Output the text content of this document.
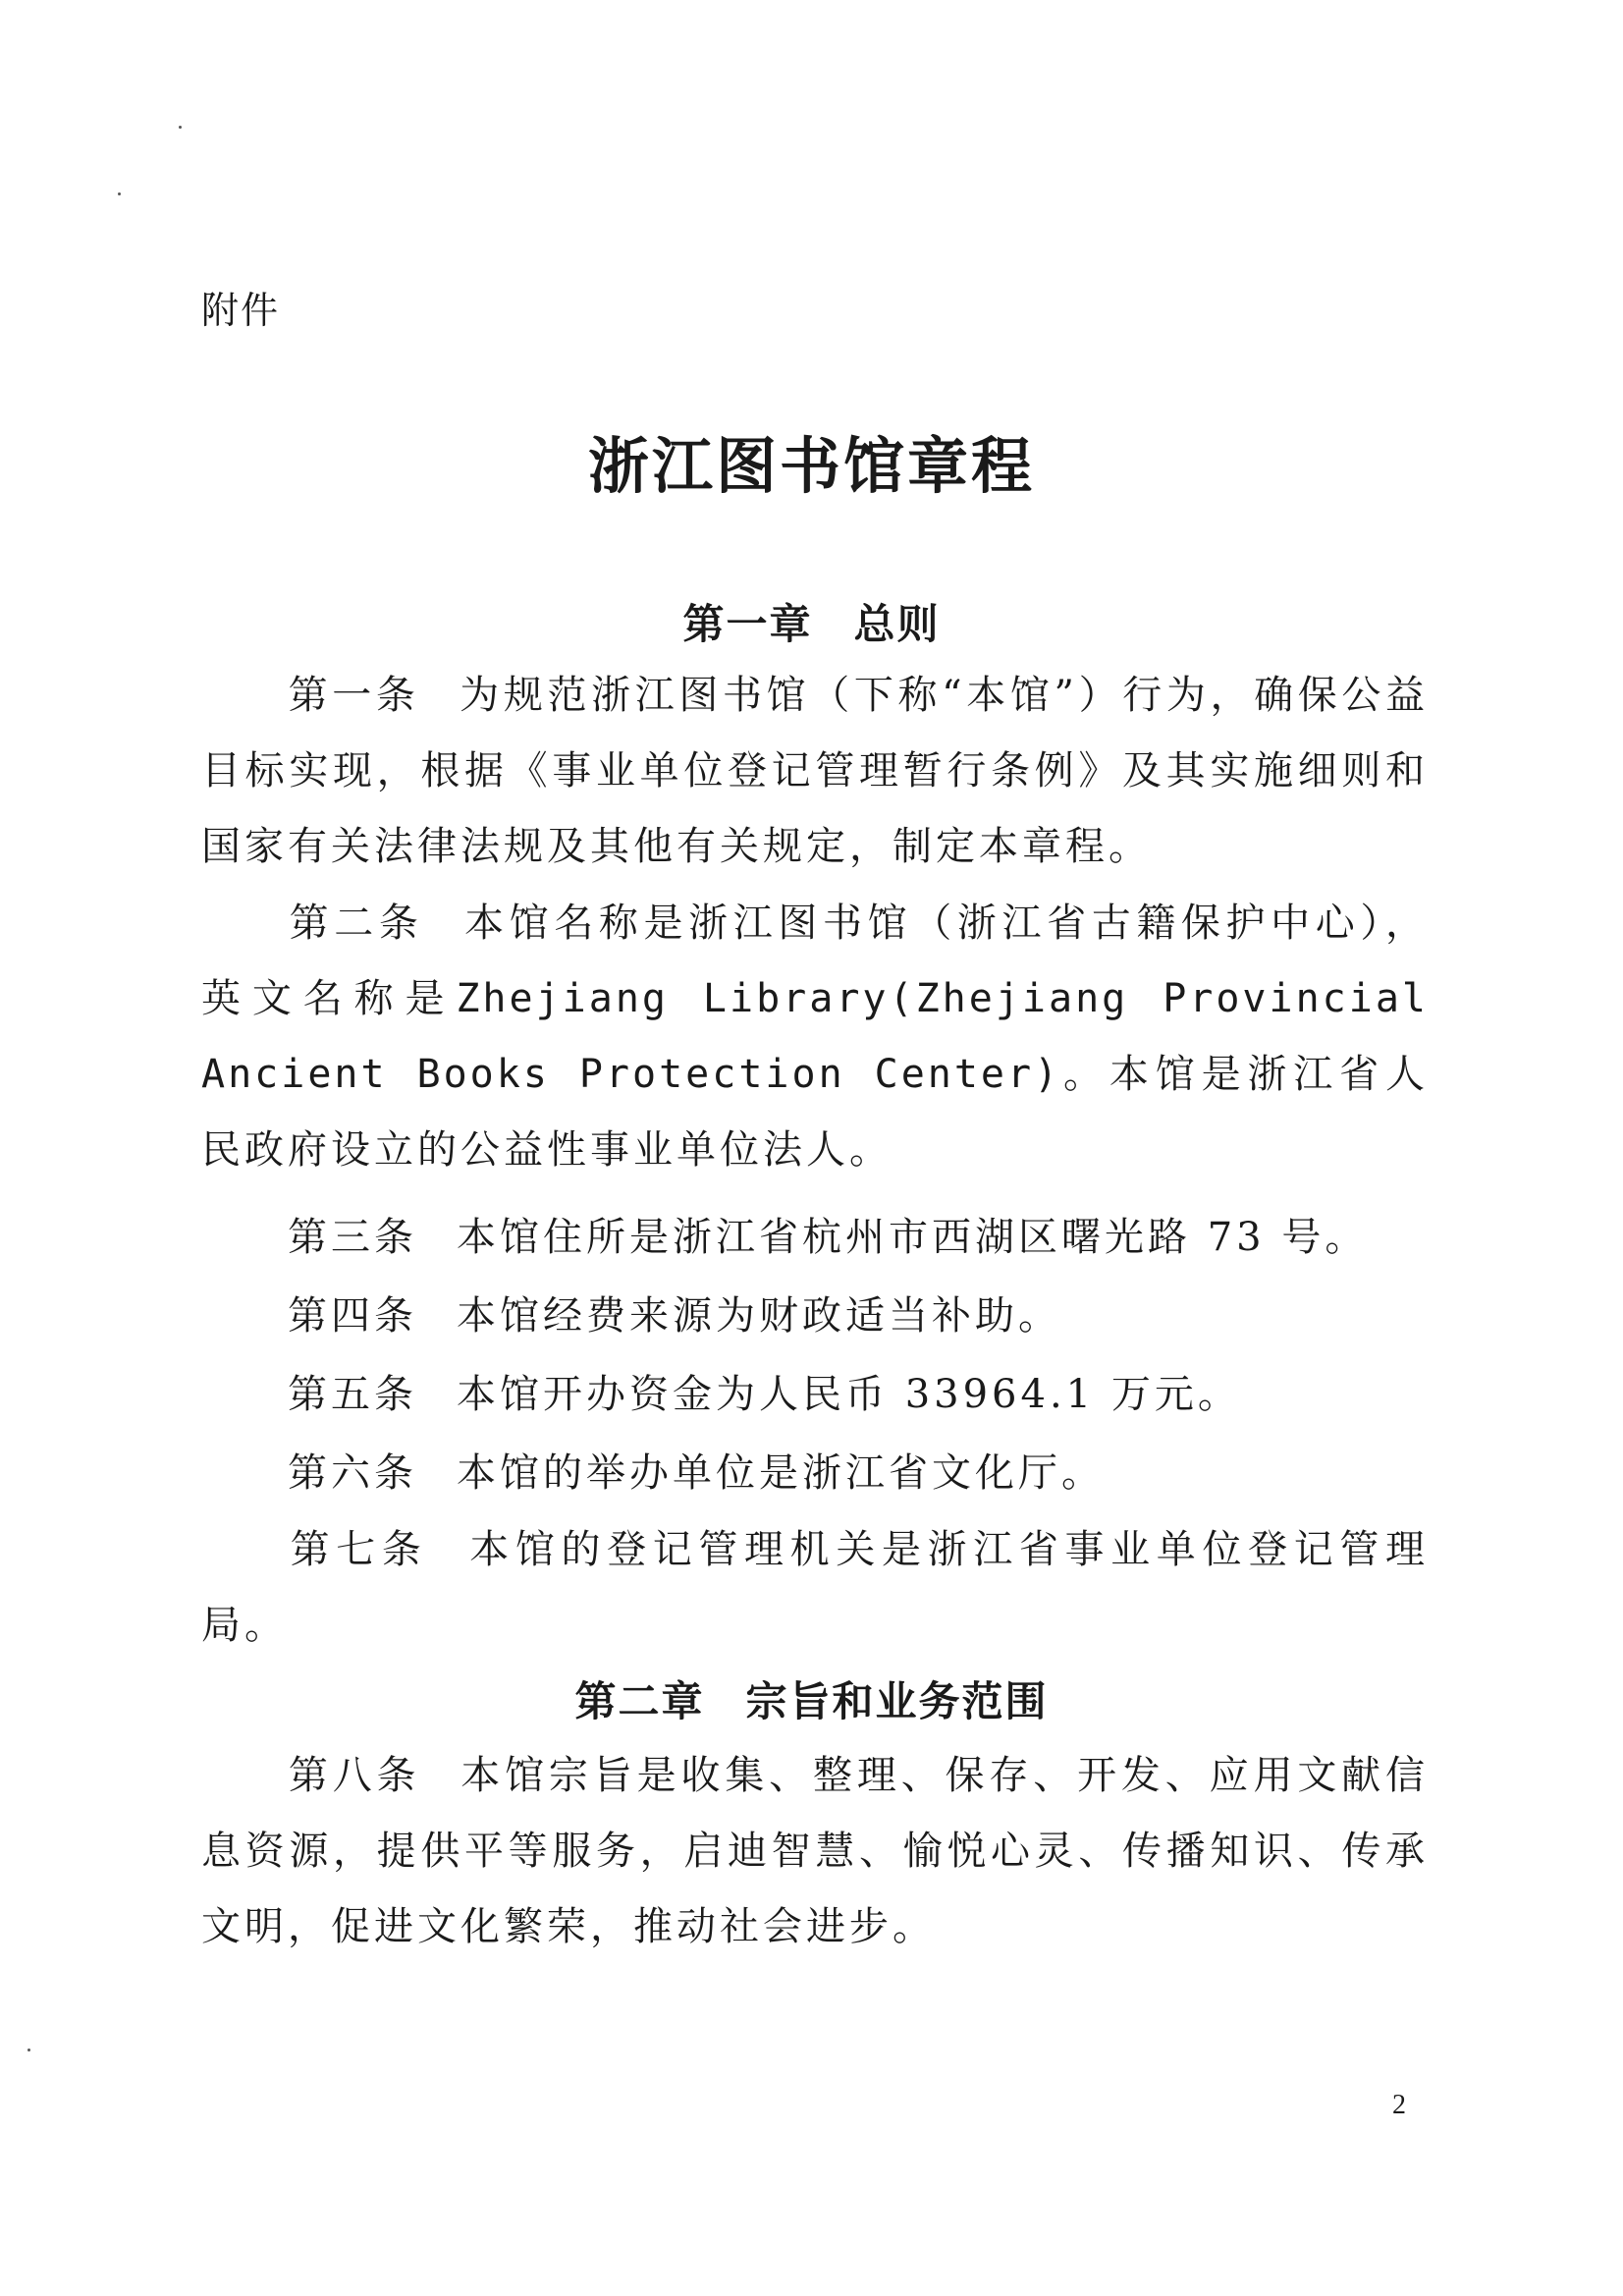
附件
浙江图书馆章程
第一章 总则
第一条 为规范浙江图书馆（下称“本馆”）行为，确保公益目标实现，根据《事业单位登记管理暂行条例》及其实施细则和国家有关法律法规及其他有关规定，制定本章程。
第二条 本馆名称是浙江图书馆（浙江省古籍保护中心），英文名称是Zhejiang Library(Zhejiang Provincial Ancient Books Protection Center)。本馆是浙江省人民政府设立的公益性事业单位法人。
第三条 本馆住所是浙江省杭州市西湖区曙光路 73 号。
第四条 本馆经费来源为财政适当补助。
第五条 本馆开办资金为人民币 33964.1 万元。
第六条 本馆的举办单位是浙江省文化厅。
第七条 本馆的登记管理机关是浙江省事业单位登记管理局。
第二章 宗旨和业务范围
第八条 本馆宗旨是收集、整理、保存、开发、应用文献信息资源，提供平等服务，启迪智慧、愉悦心灵、传播知识、传承文明，促进文化繁荣，推动社会进步。
2
